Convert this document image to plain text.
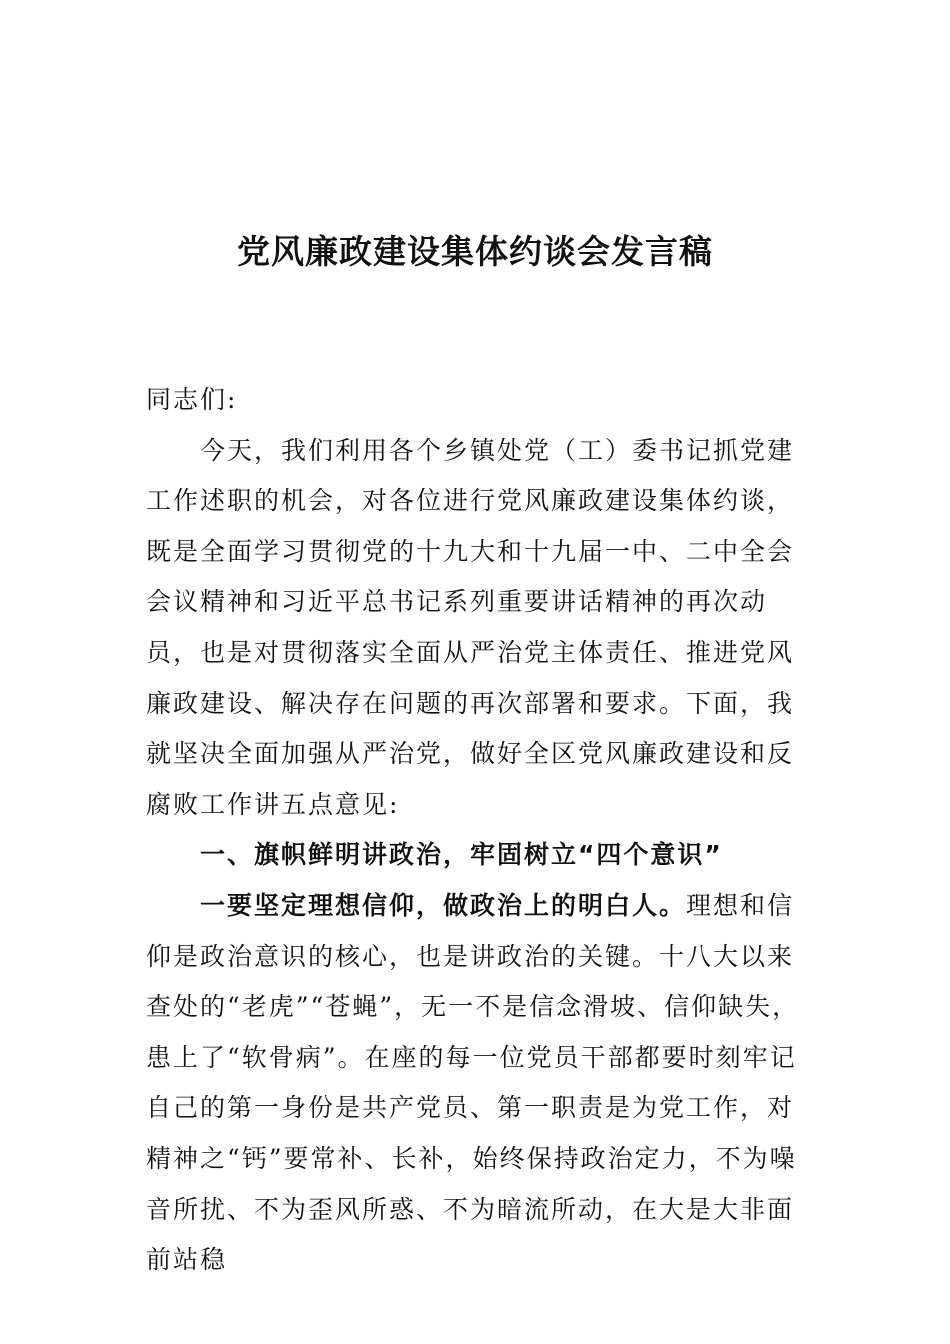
党风廉政建设集体约谈会发言稿

同志们:

今天，我们利用各个乡镇处党（工）委书记抓党建工作述职的机会，对各位进行党风廉政建设集体约谈，既是全面学习贯彻党的十九大和十九届一中、二中全会会议精神和习近平总书记系列重要讲话精神的再次动员，也是对贯彻落实全面从严治党主体责任、推进党风廉政建设、解决存在问题的再次部署和要求。下面，我就坚决全面加强从严治党，做好全区党风廉政建设和反腐败工作讲五点意见:

一、旗帜鲜明讲政治，牢固树立“四个意识”

一要坚定理想信仰，做政治上的明白人。理想和信仰是政治意识的核心，也是讲政治的关键。十八大以来查处的“老虎”“苍蝇”，无一不是信念滑坡、信仰缺失，患上了“软骨病”。在座的每一位党员干部都要时刻牢记自己的第一身份是共产党员、第一职责是为党工作，对精神之“钙”要常补、长补，始终保持政治定力，不为噪音所扰、不为歪风所惑、不为暗流所动，在大是大非面前站稳
